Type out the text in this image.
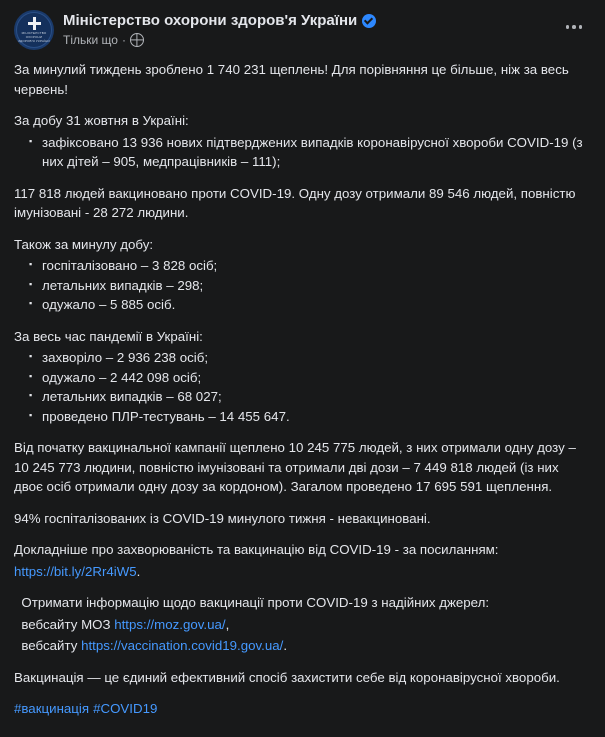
МІНІСТЕРСТВО ОХОРОНИ ЗДОРОВ'Я УКРАЇНИ
Міністерство охорони здоров'я України
Тільки що ·

За минулий тиждень зроблено 1 740 231 щеплень! Для порівняння це більше, ніж за весь червень!

За добу 31 жовтня в Україні:

▪ зафіксовано 13 936 нових підтверджених випадків коронавірусної хвороби COVID-19 (з них дітей – 905, медпрацівників – 111);

117 818 людей вакциновано проти COVID-19. Одну дозу отримали 89 546 людей, повністю імунізовані - 28 272 людини.

Також за минулу добу:

▪ госпіталізовано – 3 828 осіб;
▪ летальних випадків – 298;
▪ одужало – 5 885 осіб.

За весь час пандемії в Україні:

▪ захворіло – 2 936 238 осіб;
▪ одужало – 2 442 098 осіб;
▪ летальних випадків – 68 027;
▪ проведено ПЛР-тестувань – 14 455 647.

Від початку вакцинальної кампанії щеплено 10 245 775 людей, з них отримали одну дозу – 10 245 773 людини, повністю імунізовані та отримали дві дози – 7 449 818 людей (із них двоє осіб отримали одну дозу за кордоном). Загалом проведено 17 695 591 щеплення.

94% госпіталізованих із COVID-19 минулого тижня - невакциновані.

Докладніше про захворюваність та вакцинацію від COVID-19 - за посиланням:

https://bit.ly/2Rr4iW5.

Отримати інформацію щодо вакцинації проти COVID-19 з надійних джерел:

вебсайту МОЗ https://moz.gov.ua/,

вебсайту https://vaccination.covid19.gov.ua/.

Вакцинація — це єдиний ефективний спосіб захистити себе від коронавірусної хвороби.

#вакцинація #COVID19
